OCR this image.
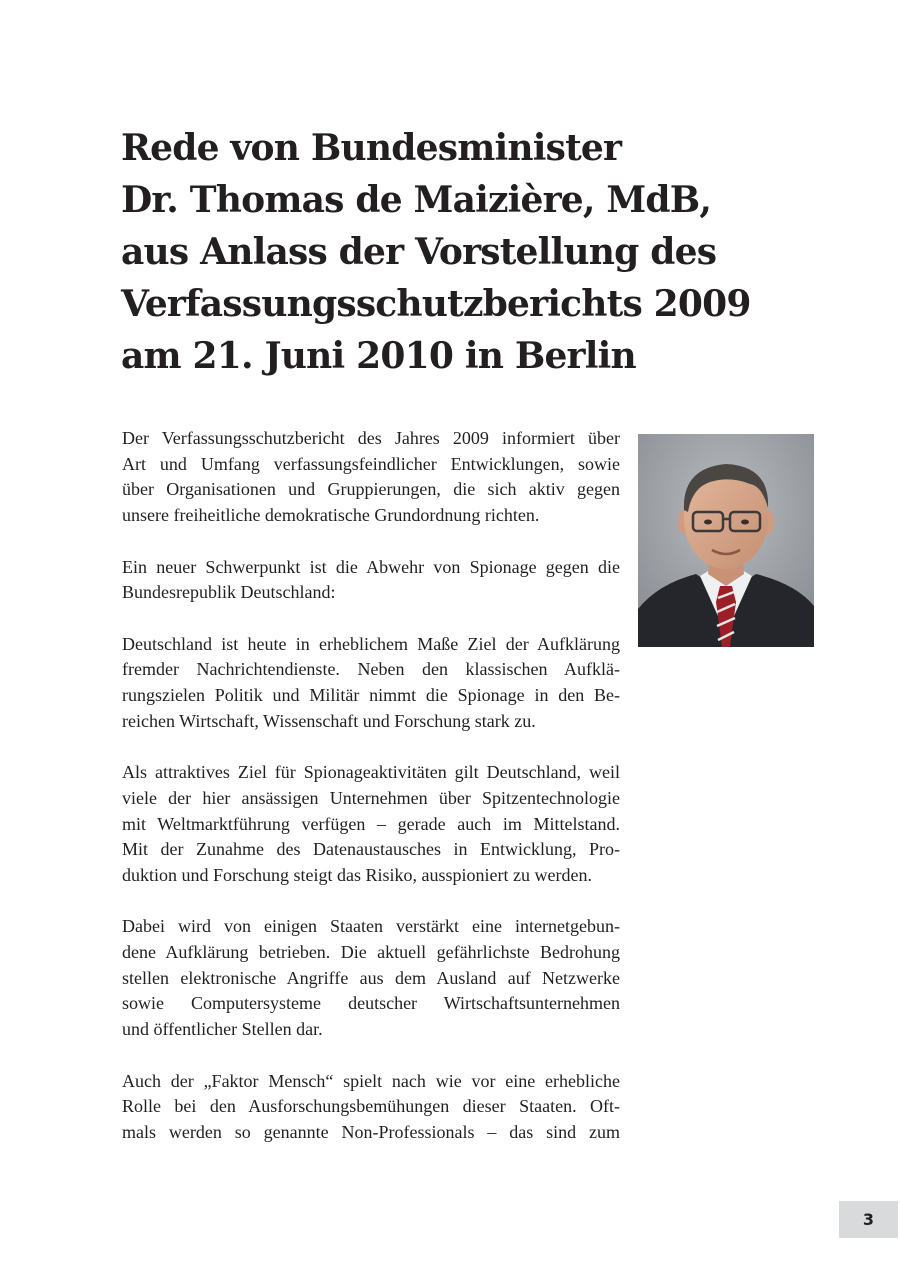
Rede von Bundesminister
Dr. Thomas de Maizière, MdB,
aus Anlass der Vorstellung des
Verfassungsschutzberichts 2009
am 21. Juni 2010 in Berlin

Der Verfassungsschutzbericht des Jahres 2009 informiert über
Art und Umfang verfassungsfeindlicher Entwicklungen, sowie
über Organisationen und Gruppierungen, die sich aktiv gegen
unsere freiheitliche demokratische Grundordnung richten.

Ein neuer Schwerpunkt ist die Abwehr von Spionage gegen die
Bundesrepublik Deutschland:

Deutschland ist heute in erheblichem Maße Ziel der Aufklärung
fremder Nachrichtendienste. Neben den klassischen Aufklä-
rungszielen Politik und Militär nimmt die Spionage in den Be-
reichen Wirtschaft, Wissenschaft und Forschung stark zu.

Als attraktives Ziel für Spionageaktivitäten gilt Deutschland, weil
viele der hier ansässigen Unternehmen über Spitzentechnologie
mit Weltmarktführung verfügen – gerade auch im Mittelstand.
Mit der Zunahme des Datenaustausches in Entwicklung, Pro-
duktion und Forschung steigt das Risiko, ausspioniert zu werden.

Dabei wird von einigen Staaten verstärkt eine internetgebun-
dene Aufklärung betrieben. Die aktuell gefährlichste Bedrohung
stellen elektronische Angriffe aus dem Ausland auf Netzwerke
sowie Computersysteme deutscher Wirtschaftsunternehmen
und öffentlicher Stellen dar.

Auch der „Faktor Mensch“ spielt nach wie vor eine erhebliche
Rolle bei den Ausforschungsbemühungen dieser Staaten. Oft-
mals werden so genannte Non-Professionals – das sind zum

3
